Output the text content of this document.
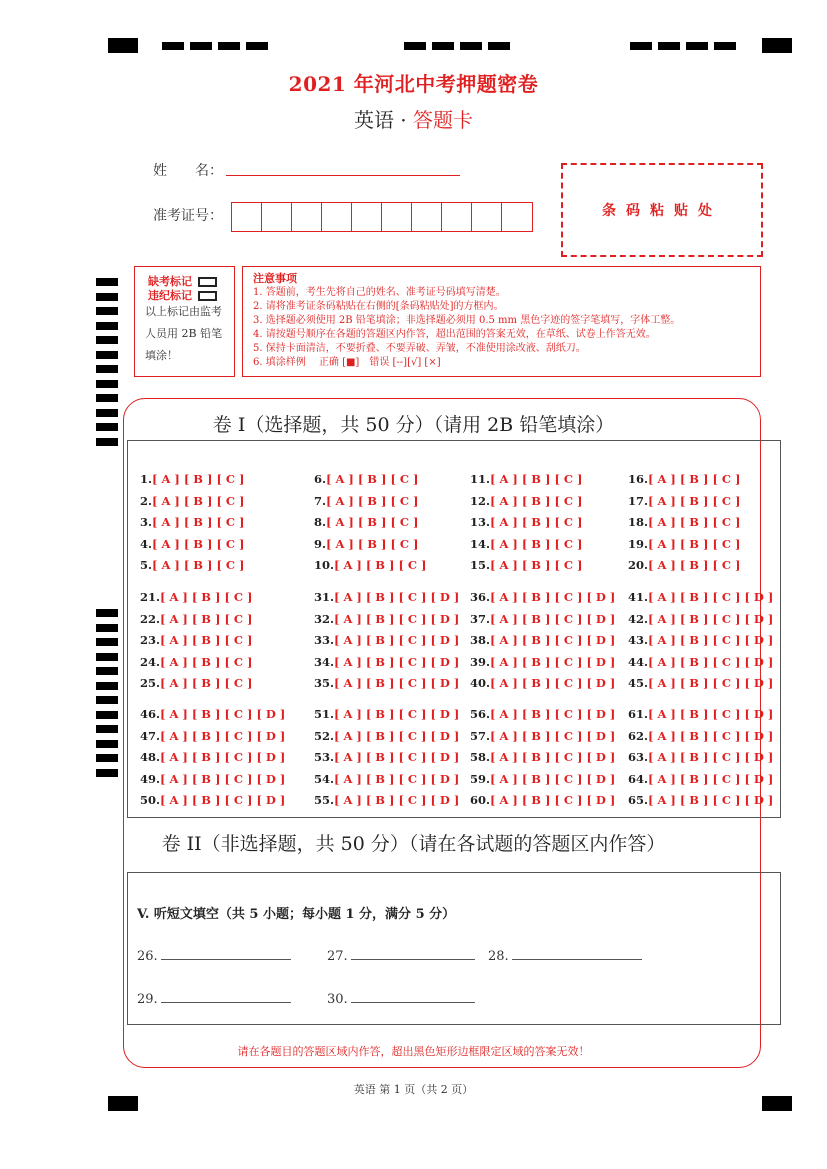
2021 年河北中考押题密卷
英语 · 答题卡
姓　　名：
准考证号：	条码粘贴处
缺考标记
违纪标记
以上标记由监考人员用 2B 铅笔填涂！
注意事项
1. 答题前，考生先将自己的姓名、准考证号码填写清楚。
2. 请将准考证条码粘贴在右侧的[条码粘贴处]的方框内。
3. 选择题必须使用 2B 铅笔填涂；非选择题必须用 0.5 mm 黑色字迹的签字笔填写，字体工整。
4. 请按题号顺序在各题的答题区内作答，超出范围的答案无效，在草纸、试卷上作答无效。
5. 保持卡面清洁，不要折叠、不要弄破、弄皱，不准使用涂改液、刮纸刀。
6. 填涂样例　 正确 [■]　错误 [--][√] [×]
卷 I（选择题，共 50 分）（请用 2B 铅笔填涂）
1.[ A ] [ B ] [ C ]
2.[ A ] [ B ] [ C ]
3.[ A ] [ B ] [ C ]
4.[ A ] [ B ] [ C ]
5.[ A ] [ B ] [ C ]
6.[ A ] [ B ] [ C ]
7.[ A ] [ B ] [ C ]
8.[ A ] [ B ] [ C ]
9.[ A ] [ B ] [ C ]
10.[ A ] [ B ] [ C ]
11.[ A ] [ B ] [ C ]
12.[ A ] [ B ] [ C ]
13.[ A ] [ B ] [ C ]
14.[ A ] [ B ] [ C ]
15.[ A ] [ B ] [ C ]
16.[ A ] [ B ] [ C ]
17.[ A ] [ B ] [ C ]
18.[ A ] [ B ] [ C ]
19.[ A ] [ B ] [ C ]
20.[ A ] [ B ] [ C ]
21.[ A ] [ B ] [ C ]
22.[ A ] [ B ] [ C ]
23.[ A ] [ B ] [ C ]
24.[ A ] [ B ] [ C ]
25.[ A ] [ B ] [ C ]
31.[ A ] [ B ] [ C ] [ D ]
32.[ A ] [ B ] [ C ] [ D ]
33.[ A ] [ B ] [ C ] [ D ]
34.[ A ] [ B ] [ C ] [ D ]
35.[ A ] [ B ] [ C ] [ D ]
36.[ A ] [ B ] [ C ] [ D ]
37.[ A ] [ B ] [ C ] [ D ]
38.[ A ] [ B ] [ C ] [ D ]
39.[ A ] [ B ] [ C ] [ D ]
40.[ A ] [ B ] [ C ] [ D ]
41.[ A ] [ B ] [ C ] [ D ]
42.[ A ] [ B ] [ C ] [ D ]
43.[ A ] [ B ] [ C ] [ D ]
44.[ A ] [ B ] [ C ] [ D ]
45.[ A ] [ B ] [ C ] [ D ]
46.[ A ] [ B ] [ C ] [ D ]
47.[ A ] [ B ] [ C ] [ D ]
48.[ A ] [ B ] [ C ] [ D ]
49.[ A ] [ B ] [ C ] [ D ]
50.[ A ] [ B ] [ C ] [ D ]
51.[ A ] [ B ] [ C ] [ D ]
52.[ A ] [ B ] [ C ] [ D ]
53.[ A ] [ B ] [ C ] [ D ]
54.[ A ] [ B ] [ C ] [ D ]
55.[ A ] [ B ] [ C ] [ D ]
56.[ A ] [ B ] [ C ] [ D ]
57.[ A ] [ B ] [ C ] [ D ]
58.[ A ] [ B ] [ C ] [ D ]
59.[ A ] [ B ] [ C ] [ D ]
60.[ A ] [ B ] [ C ] [ D ]
61.[ A ] [ B ] [ C ] [ D ]
62.[ A ] [ B ] [ C ] [ D ]
63.[ A ] [ B ] [ C ] [ D ]
64.[ A ] [ B ] [ C ] [ D ]
65.[ A ] [ B ] [ C ] [ D ]
卷 II（非选择题，共 50 分）（请在各试题的答题区内作答）
V. 听短文填空（共 5 小题；每小题 1 分，满分 5 分）
26.	27.	28.
29.	30.
请在各题目的答题区域内作答，超出黑色矩形边框限定区域的答案无效！
英语 第 1 页（共 2 页）
